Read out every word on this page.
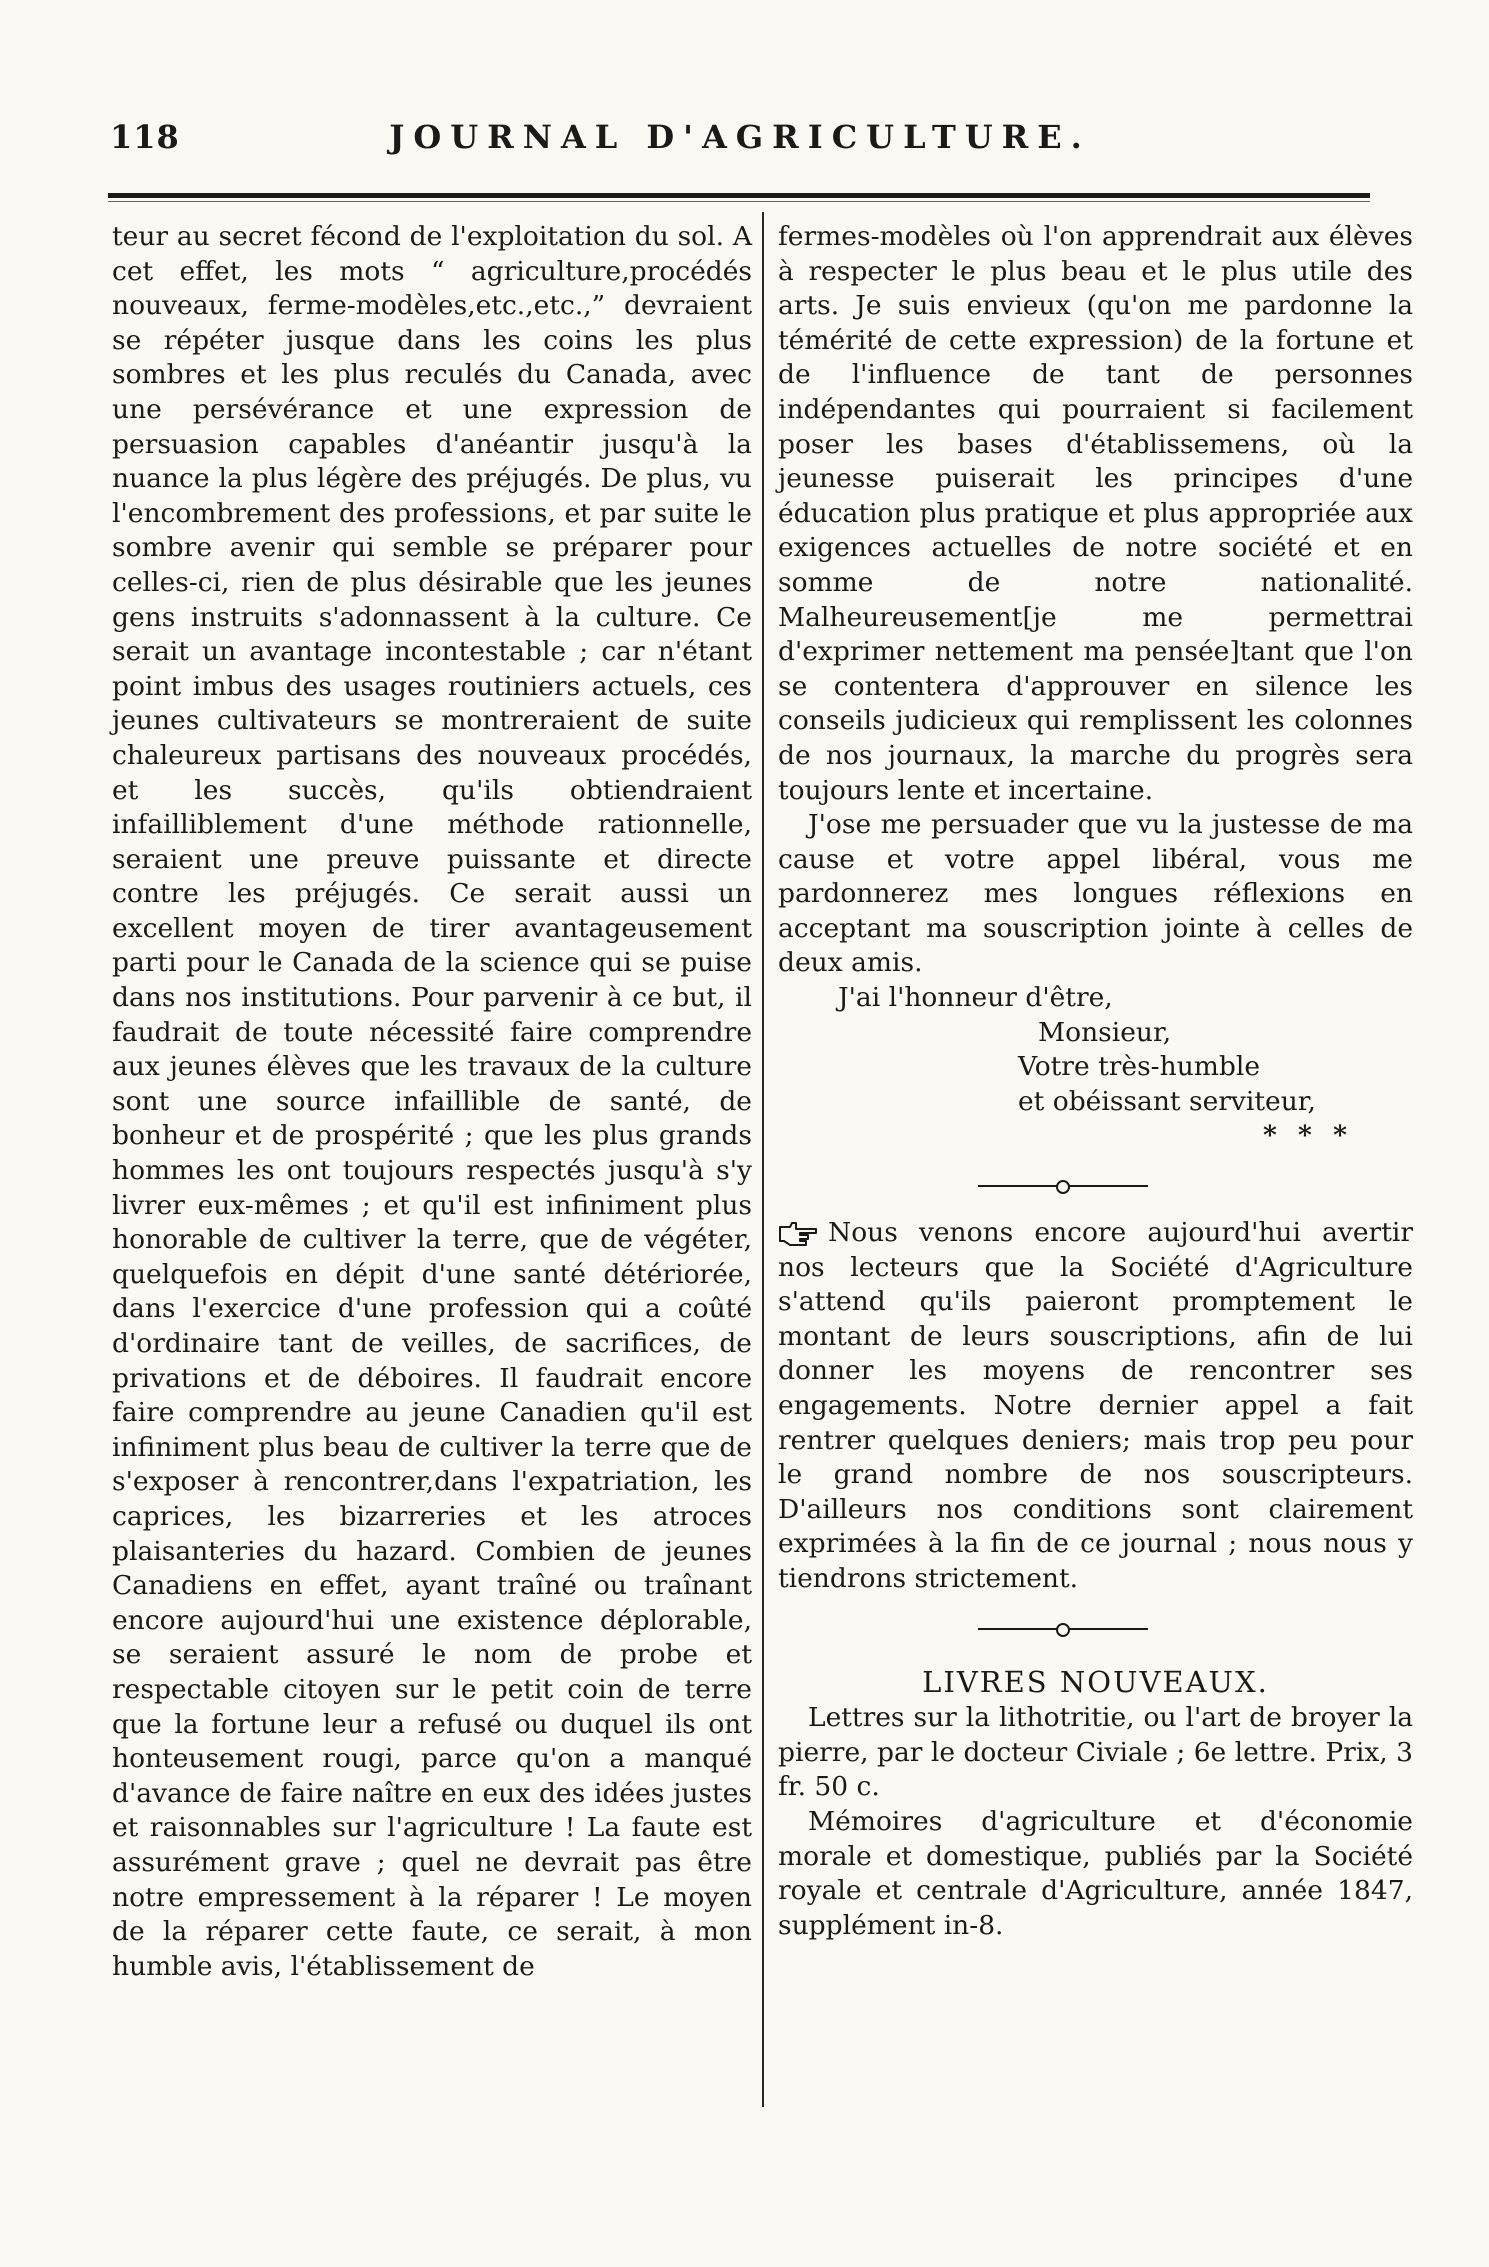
118	JOURNAL D'AGRICULTURE.

teur au secret fécond de l'exploitation du sol. A cet effet, les mots “ agriculture,procédés nouveaux, ferme-modèles,etc.,etc.,” devraient se répéter jusque dans les coins les plus sombres et les plus reculés du Canada, avec une persévérance et une expression de persuasion capables d'anéantir jusqu'à la nuance la plus légère des préjugés. De plus, vu l'encombrement des professions, et par suite le sombre avenir qui semble se préparer pour celles-ci, rien de plus désirable que les jeunes gens instruits s'adonnassent à la culture. Ce serait un avantage incontestable ; car n'étant point imbus des usages routiniers actuels, ces jeunes cultivateurs se montreraient de suite chaleureux partisans des nouveaux procédés, et les succès, qu'ils obtiendraient infailliblement d'une méthode rationnelle, seraient une preuve puissante et directe contre les préjugés. Ce serait aussi un excellent moyen de tirer avantageusement parti pour le Canada de la science qui se puise dans nos institutions. Pour parvenir à ce but, il faudrait de toute nécessité faire comprendre aux jeunes élèves que les travaux de la culture sont une source infaillible de santé, de bonheur et de prospérité ; que les plus grands hommes les ont toujours respectés jusqu'à s'y livrer eux-mêmes ; et qu'il est infiniment plus honorable de cultiver la terre, que de végéter, quelquefois en dépit d'une santé détériorée, dans l'exercice d'une profession qui a coûté d'ordinaire tant de veilles, de sacrifices, de privations et de déboires. Il faudrait encore faire comprendre au jeune Canadien qu'il est infiniment plus beau de cultiver la terre que de s'exposer à rencontrer,dans l'expatriation, les caprices, les bizarreries et les atroces plaisanteries du hazard. Combien de jeunes Canadiens en effet, ayant traîné ou traînant encore aujourd'hui une existence déplorable, se seraient assuré le nom de probe et respectable citoyen sur le petit coin de terre que la fortune leur a refusé ou duquel ils ont honteusement rougi, parce qu'on a manqué d'avance de faire naître en eux des idées justes et raisonnables sur l'agriculture ! La faute est assurément grave ; quel ne devrait pas être notre empressement à la réparer ! Le moyen de la réparer cette faute, ce serait, à mon humble avis, l'établissement de

fermes-modèles où l'on apprendrait aux élèves à respecter le plus beau et le plus utile des arts. Je suis envieux (qu'on me pardonne la témérité de cette expression) de la fortune et de l'influence de tant de personnes indépendantes qui pourraient si facilement poser les bases d'établissemens, où la jeunesse puiserait les principes d'une éducation plus pratique et plus appropriée aux exigences actuelles de notre société et en somme de notre nationalité. Malheureusement[je me permettrai d'exprimer nettement ma pensée]tant que l'on se contentera d'approuver en silence les conseils judicieux qui remplissent les colonnes de nos journaux, la marche du progrès sera toujours lente et incertaine.

J'ose me persuader que vu la justesse de ma cause et votre appel libéral, vous me pardonnerez mes longues réflexions en acceptant ma souscription jointe à celles de deux amis.

J'ai l'honneur d'être,
Monsieur,
Votre très-humble
et obéissant serviteur,
* * *

Nous venons encore aujourd'hui avertir nos lecteurs que la Société d'Agriculture s'attend qu'ils paieront promptement le montant de leurs souscriptions, afin de lui donner les moyens de rencontrer ses engagements. Notre dernier appel a fait rentrer quelques deniers; mais trop peu pour le grand nombre de nos souscripteurs. D'ailleurs nos conditions sont clairement exprimées à la fin de ce journal ; nous nous y tiendrons strictement.

LIVRES NOUVEAUX.

Lettres sur la lithotritie, ou l'art de broyer la pierre, par le docteur Civiale ; 6e lettre. Prix, 3 fr. 50 c.

Mémoires d'agriculture et d'économie morale et domestique, publiés par la Société royale et centrale d'Agriculture, année 1847, supplément in-8.
